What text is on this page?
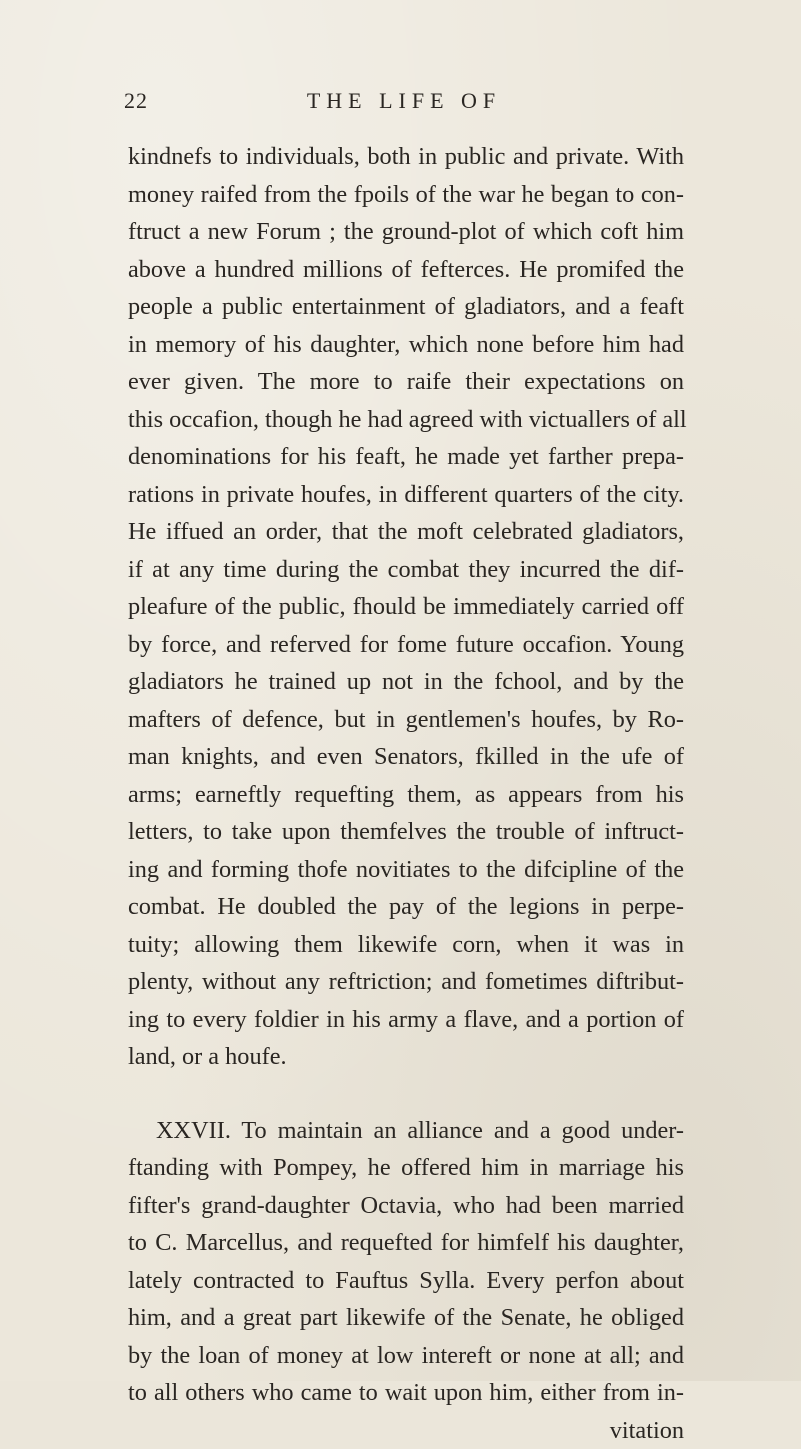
22	THE LIFE OF
kindnefs to individuals, both in public and private. With
money raifed from the fpoils of the war he began to con-
ftruct a new Forum ; the ground-plot of which coft him
above a hundred millions of fefterces. He promifed the
people a public entertainment of gladiators, and a feaft
in memory of his daughter, which none before him had
ever given. The more to raife their expectations on
this occafion, though he had agreed with victuallers of all
denominations for his feaft, he made yet farther prepa-
rations in private houfes, in different quarters of the city.
He iffued an order, that the moft celebrated gladiators,
if at any time during the combat they incurred the dif-
pleafure of the public, fhould be immediately carried off
by force, and referved for fome future occafion. Young
gladiators he trained up not in the fchool, and by the
mafters of defence, but in gentlemen's houfes, by Ro-
man knights, and even Senators, fkilled in the ufe of
arms; earneftly requefting them, as appears from his
letters, to take upon themfelves the trouble of inftruct-
ing and forming thofe novitiates to the difcipline of the
combat. He doubled the pay of the legions in perpe-
tuity; allowing them likewife corn, when it was in
plenty, without any reftriction; and fometimes diftribut-
ing to every foldier in his army a flave, and a portion of
land, or a houfe.
XXVII. To maintain an alliance and a good under-
ftanding with Pompey, he offered him in marriage his
fifter's grand-daughter Octavia, who had been married
to C. Marcellus, and requefted for himfelf his daughter,
lately contracted to Fauftus Sylla. Every perfon about
him, and a great part likewife of the Senate, he obliged
by the loan of money at low intereft or none at all; and
to all others who came to wait upon him, either from in-
vitation
